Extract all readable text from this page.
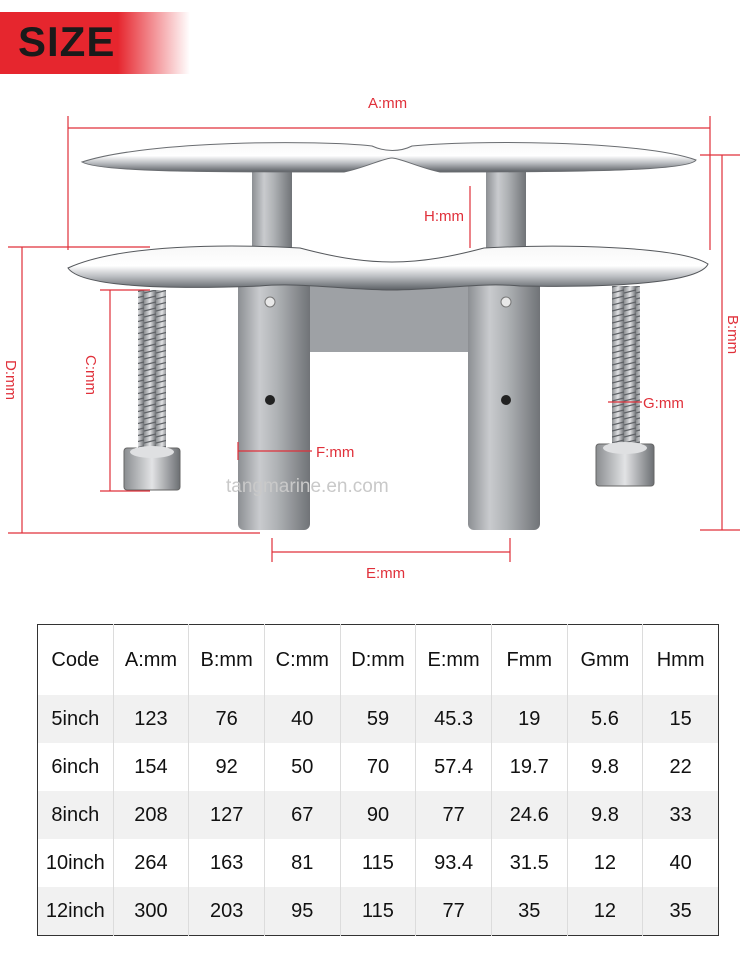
SIZE
A:mm
B:mm
C:mm
D:mm
E:mm
F:mm
G:mm
H:mm
tangmarine.en.com
Code	A:mm	B:mm	C:mm	D:mm	E:mm	Fmm	Gmm	Hmm
5inch	123	76	40	59	45.3	19	5.6	15
6inch	154	92	50	70	57.4	19.7	9.8	22
8inch	208	127	67	90	77	24.6	9.8	33
10inch	264	163	81	115	93.4	31.5	12	40
12inch	300	203	95	115	77	35	12	35
